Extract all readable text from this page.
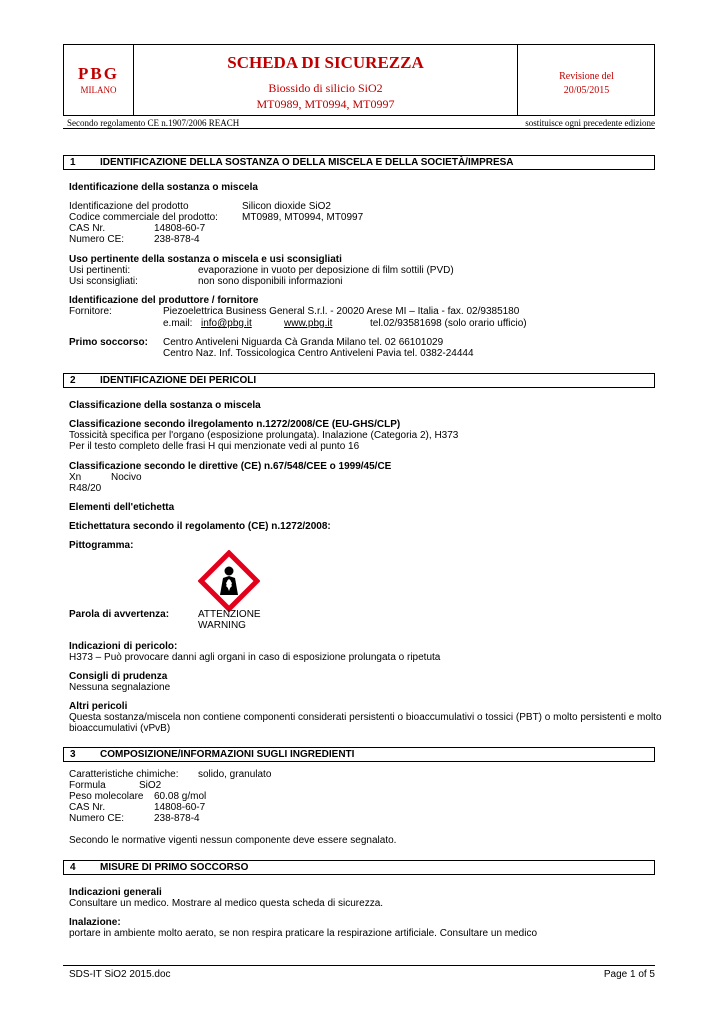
PBG
MILANO
SCHEDA DI SICUREZZA
Biossido di silicio SiO2
MT0989, MT0994, MT0997
Revisione del
20/05/2015
Secondo regolamento CE n.1907/2006 REACH	sostituisce ogni precedente edizione
1 IDENTIFICAZIONE DELLA SOSTANZA O DELLA MISCELA E DELLA SOCIETÀ/IMPRESA
Identificazione della sostanza o miscela
Identificazione del prodotto	Silicon dioxide SiO2
Codice commerciale del prodotto: MT0989, MT0994, MT0997
CAS Nr.	14808-60-7
Numero CE:	238-878-4
Uso pertinente della sostanza o miscela e usi sconsigliati
Usi pertinenti:	evaporazione in vuoto per deposizione di film sottili (PVD)
Usi sconsigliati:	non sono disponibili informazioni
Identificazione del produttore / fornitore
Fornitore:	Piezoelettrica Business General S.r.l. - 20020 Arese MI – Italia - fax. 02/9385180
e.mail: info@pbg.it	www.pbg.it	tel.02/93581698 (solo orario ufficio)
Primo soccorso: Centro Antiveleni Niguarda Cà Granda Milano tel. 02 66101029
Centro Naz. Inf. Tossicologica Centro Antiveleni Pavia tel. 0382-24444
2 IDENTIFICAZIONE DEI PERICOLI
Classificazione della sostanza o miscela
Classificazione secondo ilregolamento n.1272/2008/CE (EU-GHS/CLP)
Tossicità specifica per l'organo (esposizione prolungata). Inalazione (Categoria 2), H373
Per il testo completo delle frasi H qui menzionate vedi al punto 16
Classificazione secondo le direttive (CE) n.67/548/CEE o 1999/45/CE
Xn	Nocivo
R48/20
Elementi dell'etichetta
Etichettatura secondo il regolamento (CE) n.1272/2008:
Pittogramma:
Parola di avvertenza:	ATTENZIONE
WARNING
Indicazioni di pericolo:
H373 – Può provocare danni agli organi in caso di esposizione prolungata o ripetuta
Consigli di prudenza
Nessuna segnalazione
Altri pericoli
Questa sostanza/miscela non contiene componenti considerati persistenti o bioaccumulativi o tossici (PBT) o molto persistenti e molto
bioaccumulativi (vPvB)
3 COMPOSIZIONE/INFORMAZIONI SUGLI INGREDIENTI
Caratteristiche chimiche: solido, granulato
Formula	SiO2
Peso molecolare 60.08 g/mol
CAS Nr.	14808-60-7
Numero CE:	238-878-4
Secondo le normative vigenti nessun componente deve essere segnalato.
4 MISURE DI PRIMO SOCCORSO
Indicazioni generali
Consultare un medico. Mostrare al medico questa scheda di sicurezza.
Inalazione:
portare in ambiente molto aerato, se non respira praticare la respirazione artificiale. Consultare un medico
SDS-IT SiO2 2015.doc	Page 1 of 5
